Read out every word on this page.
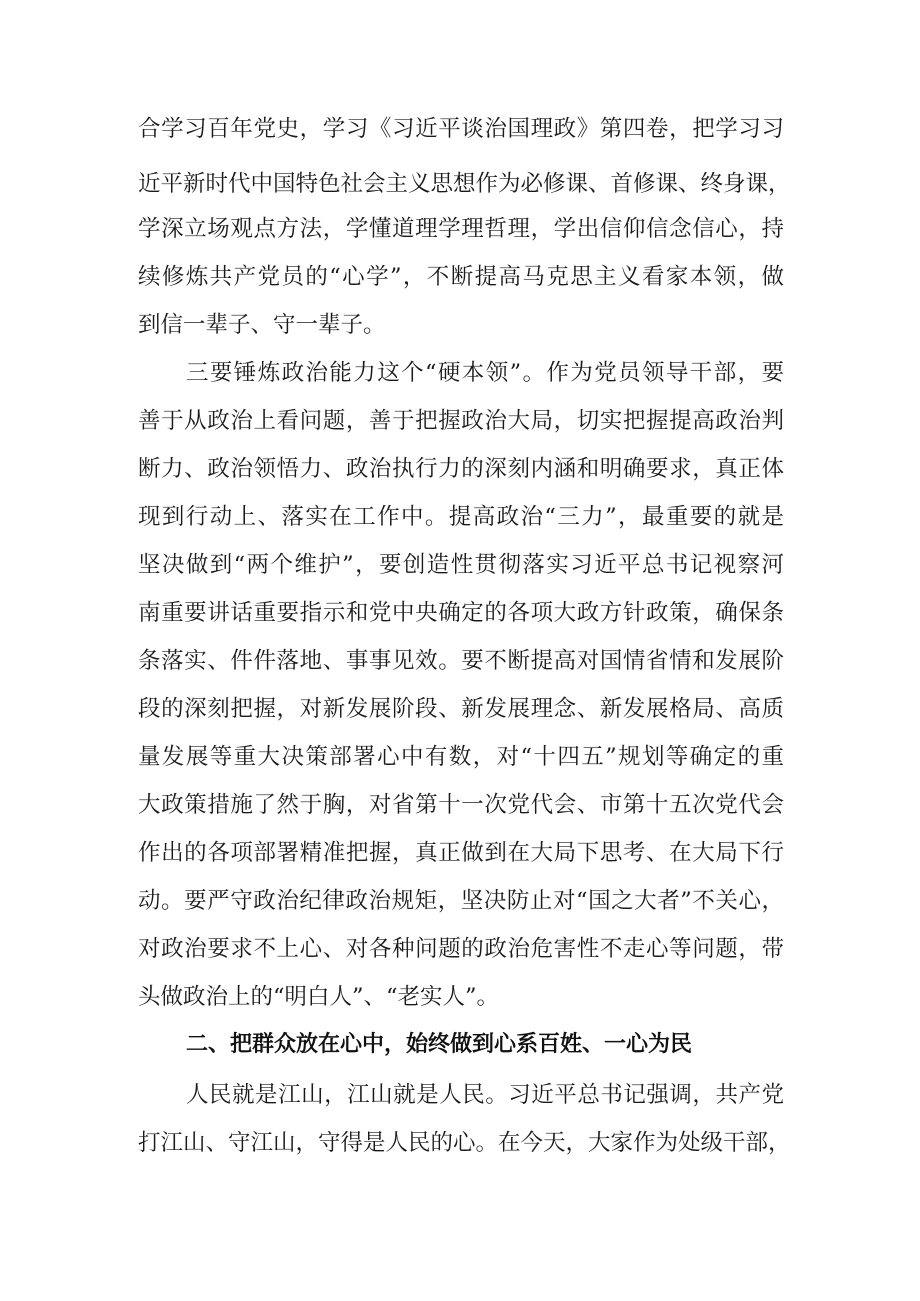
合学习百年党史，学习《习近平谈治国理政》第四卷，把学习习
近平新时代中国特色社会主义思想作为必修课、首修课、终身课，
学深立场观点方法，学懂道理学理哲理，学出信仰信念信心，持
续修炼共产党员的“心学”，不断提高马克思主义看家本领，做
到信一辈子、守一辈子。
三要锤炼政治能力这个“硬本领”。作为党员领导干部，要
善于从政治上看问题，善于把握政治大局，切实把握提高政治判
断力、政治领悟力、政治执行力的深刻内涵和明确要求，真正体
现到行动上、落实在工作中。提高政治“三力”，最重要的就是
坚决做到“两个维护”，要创造性贯彻落实习近平总书记视察河
南重要讲话重要指示和党中央确定的各项大政方针政策，确保条
条落实、件件落地、事事见效。要不断提高对国情省情和发展阶
段的深刻把握，对新发展阶段、新发展理念、新发展格局、高质
量发展等重大决策部署心中有数，对“十四五”规划等确定的重
大政策措施了然于胸，对省第十一次党代会、市第十五次党代会
作出的各项部署精准把握，真正做到在大局下思考、在大局下行
动。要严守政治纪律政治规矩，坚决防止对“国之大者”不关心，
对政治要求不上心、对各种问题的政治危害性不走心等问题，带
头做政治上的“明白人”、“老实人”。
二、把群众放在心中，始终做到心系百姓、一心为民
人民就是江山，江山就是人民。习近平总书记强调，共产党
打江山、守江山，守得是人民的心。在今天，大家作为处级干部，
